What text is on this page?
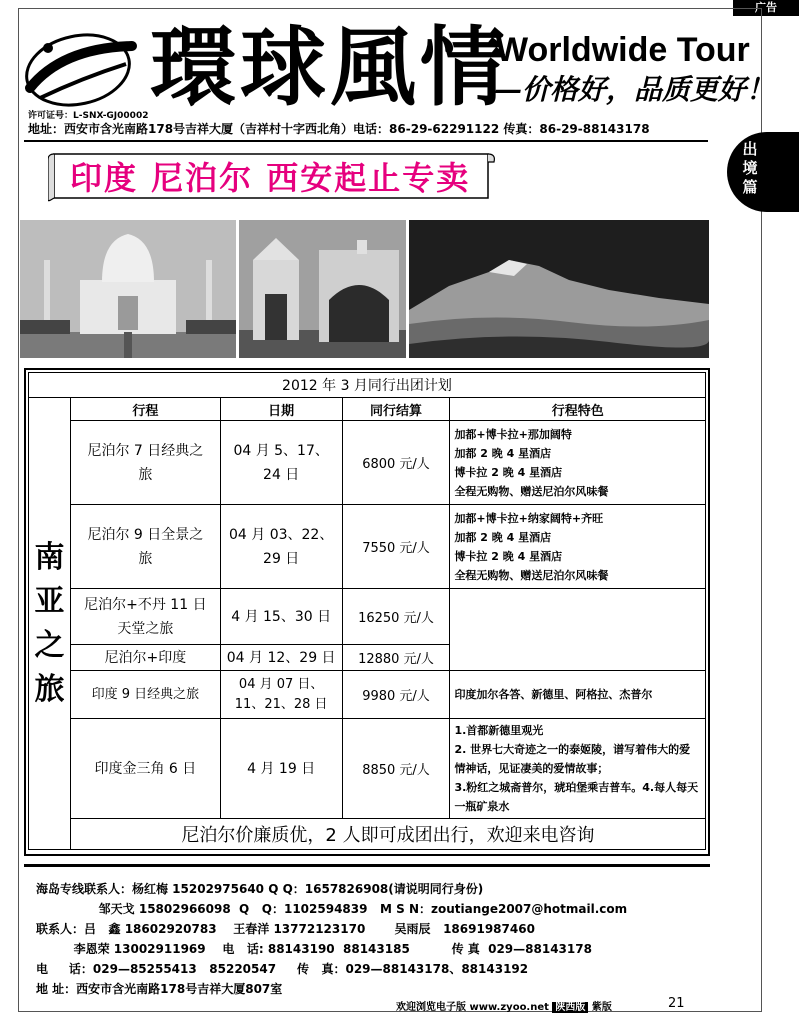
广告
環球風情
Worldwide Tour
—价格好，品质更好！
许可证号：L-SNX-GJ00002
地址：西安市含光南路178号吉祥大厦（吉祥村十字西北角）电话：86-29-62291122 传真：86-29-88143178
出境篇
印度 尼泊尔 西安起止专卖
2012 年 3 月同行出团计划				

南
亚
之
旅	行程	日期	同行结算	行程特色
	尼泊尔 7 日经典之旅	04 月 5、17、24 日	6800 元/人	加都+博卡拉+那加阔特
加都 2 晚 4 星酒店
博卡拉 2 晚 4 星酒店
全程无购物、赠送尼泊尔风味餐

	尼泊尔 9 日全景之旅	04 月 03、22、29 日	7550 元/人	加都+博卡拉+纳家阔特+齐旺
加都 2 晚 4 星酒店
博卡拉 2 晚 4 星酒店
全程无购物、赠送尼泊尔风味餐

	尼泊尔+不丹 11 日天堂之旅	4 月 15、30 日	16250 元/人	
	尼泊尔+印度	04 月 12、29 日	12880 元/人	
	印度 9 日经典之旅	04 月 07 日、11、21、28 日	9980 元/人	印度加尔各答、新德里、阿格拉、杰普尔

	印度金三角 6 日	4 月 19 日	8850 元/人	1.首都新德里观光
2. 世界七大奇迹之一的泰姬陵，谱写着伟大的爱情神话，见证凄美的爱情故事；
3.粉红之城斋普尔，琥珀堡乘吉普车。4.每人每天一瓶矿泉水

	尼泊尔价廉质优，2 人即可成团出行，欢迎来电咨询			
海岛专线联系人：杨红梅 15202975640 Q Q：1657826908(请说明同行身份)
邹天戈 15802966098  Q   Q：1102594839   M S N：zoutiange2007@hotmail.com
联系人：吕   鑫 18602920783    王春洋 13772123170       吴雨辰   18691987460
李恩荣 13002911969    电   话: 88143190  88143185          传 真  029—88143178
电     话：029—85255413   85220547     传   真：029—88143178、88143192
地 址：西安市含光南路178号吉祥大厦807室
欢迎浏览电子版 www.zyoo.net 陕西版 紫版	21
